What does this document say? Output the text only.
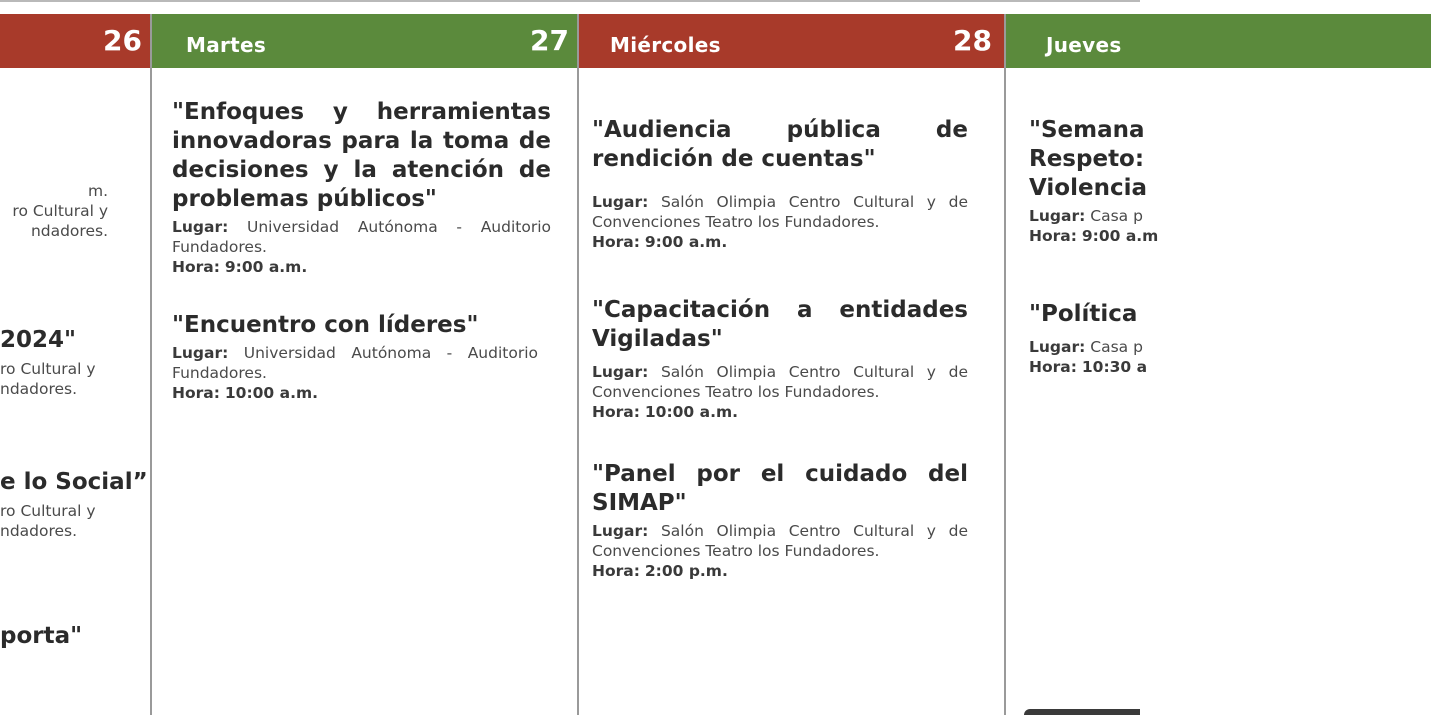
26
m.
ro Cultural y
ndadores.

2024"

ro Cultural y
ndadores.

e lo Social”

ro Cultural y
ndadores.

porta"

Martes	27

"Enfoques y herramientas innovadoras para la toma de decisiones y la atención de problemas públicos"

Lugar: Universidad Autónoma - Auditorio Fundadores.
Hora: 9:00 a.m.

"Encuentro con líderes"

Lugar: Universidad Autónoma - Auditorio Fundadores.
Hora: 10:00 a.m.
Miércoles	28

"Audiencia pública de rendición de cuentas"

Lugar: Salón Olimpia Centro Cultural y de Convenciones Teatro los Fundadores.
Hora: 9:00 a.m.

"Capacitación a entidades Vigiladas"

Lugar: Salón Olimpia Centro Cultural y de Convenciones Teatro los Fundadores.
Hora: 10:00 a.m.

"Panel por el cuidado del SIMAP"

Lugar: Salón Olimpia Centro Cultural y de Convenciones Teatro los Fundadores.
Hora: 2:00 p.m.
Jueves
"Semana
Respeto:
Violencia
Lugar: Casa p
Hora: 9:00 a.m
"Política
Lugar: Casa p
Hora: 10:30 a
